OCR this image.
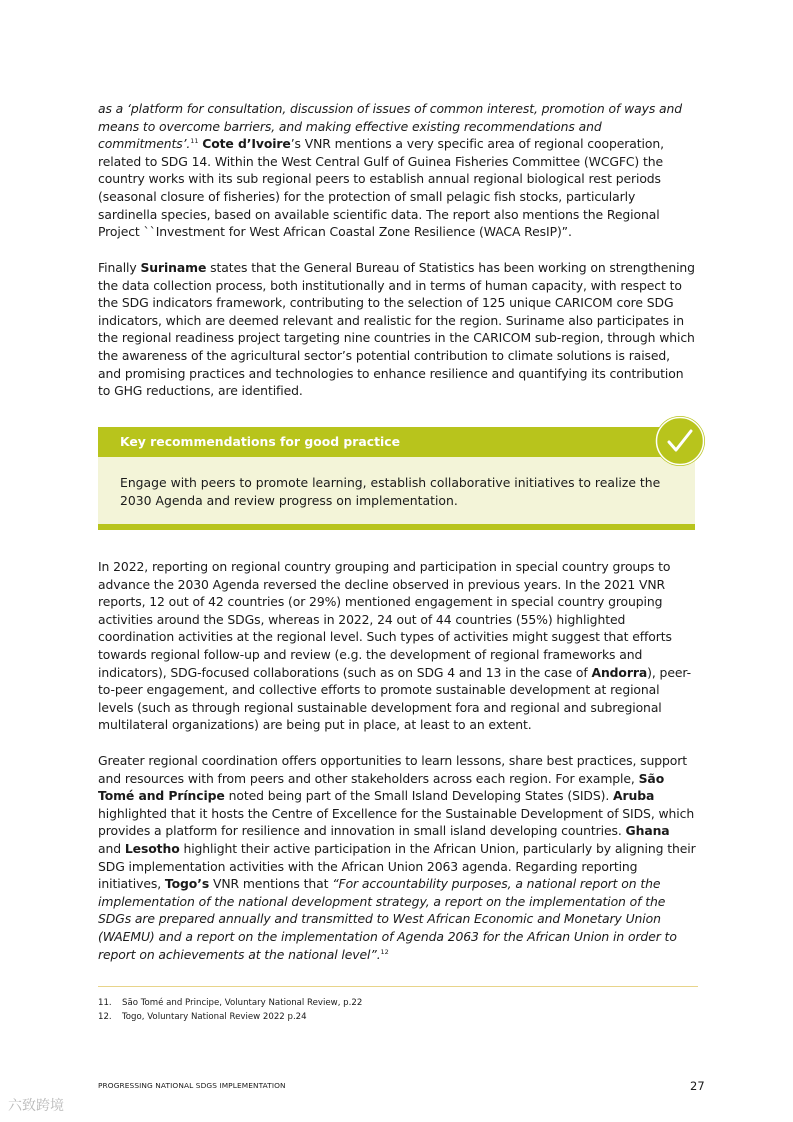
as a ‘platform for consultation, discussion of issues of common interest, promotion of ways and means to overcome barriers, and making effective existing recommendations and commitments’.$^{11}$ Cote d’Ivoire’s VNR mentions a very specific area of regional cooperation, related to SDG 14. Within the West Central Gulf of Guinea Fisheries Committee (WCGFC) the country works with its sub regional peers to establish annual regional biological rest periods (seasonal closure of fisheries) for the protection of small pelagic fish stocks, particularly sardinella species, based on available scientific data. The report also mentions the Regional Project ``Investment for West African Coastal Zone Resilience (WACA ResIP)”.

Finally Suriname states that the General Bureau of Statistics has been working on strengthening the data collection process, both institutionally and in terms of human capacity, with respect to the SDG indicators framework, contributing to the selection of 125 unique CARICOM core SDG indicators, which are deemed relevant and realistic for the region. Suriname also participates in the regional readiness project targeting nine countries in the CARICOM sub-region, through which the awareness of the agricultural sector’s potential contribution to climate solutions is raised, and promising practices and technologies to enhance resilience and quantifying its contribution to GHG reductions, are identified.

Key recommendations for good practice

Engage with peers to promote learning, establish collaborative initiatives to realize the 2030 Agenda and review progress on implementation.

In 2022, reporting on regional country grouping and participation in special country groups to advance the 2030 Agenda reversed the decline observed in previous years. In the 2021 VNR reports, 12 out of 42 countries (or 29%) mentioned engagement in special country grouping activities around the SDGs, whereas in 2022, 24 out of 44 countries (55%) highlighted coordination activities at the regional level. Such types of activities might suggest that efforts towards regional follow-up and review (e.g. the development of regional frameworks and indicators), SDG-focused collaborations (such as on SDG 4 and 13 in the case of Andorra), peer-to-peer engagement, and collective efforts to promote sustainable development at regional levels (such as through regional sustainable development fora and regional and subregional multilateral organizations) are being put in place, at least to an extent.

Greater regional coordination offers opportunities to learn lessons, share best practices, support and resources with from peers and other stakeholders across each region. For example, São Tomé and Príncipe noted being part of the Small Island Developing States (SIDS). Aruba highlighted that it hosts the Centre of Excellence for the Sustainable Development of SIDS, which provides a platform for resilience and innovation in small island developing countries. Ghana and Lesotho highlight their active participation in the African Union, particularly by aligning their SDG implementation activities with the African Union 2063 agenda. Regarding reporting initiatives, Togo’s VNR mentions that “For accountability purposes, a national report on the implementation of the national development strategy, a report on the implementation of the SDGs are prepared annually and transmitted to West African Economic and Monetary Union (WAEMU) and a report on the implementation of Agenda 2063 for the African Union in order to report on achievements at the national level”.$^{12}$

11. São Tomé and Principe, Voluntary National Review, p.22
12. Togo, Voluntary National Review 2022 p.24
PROGRESSING NATIONAL SDGS IMPLEMENTATION	27
六致跨境
